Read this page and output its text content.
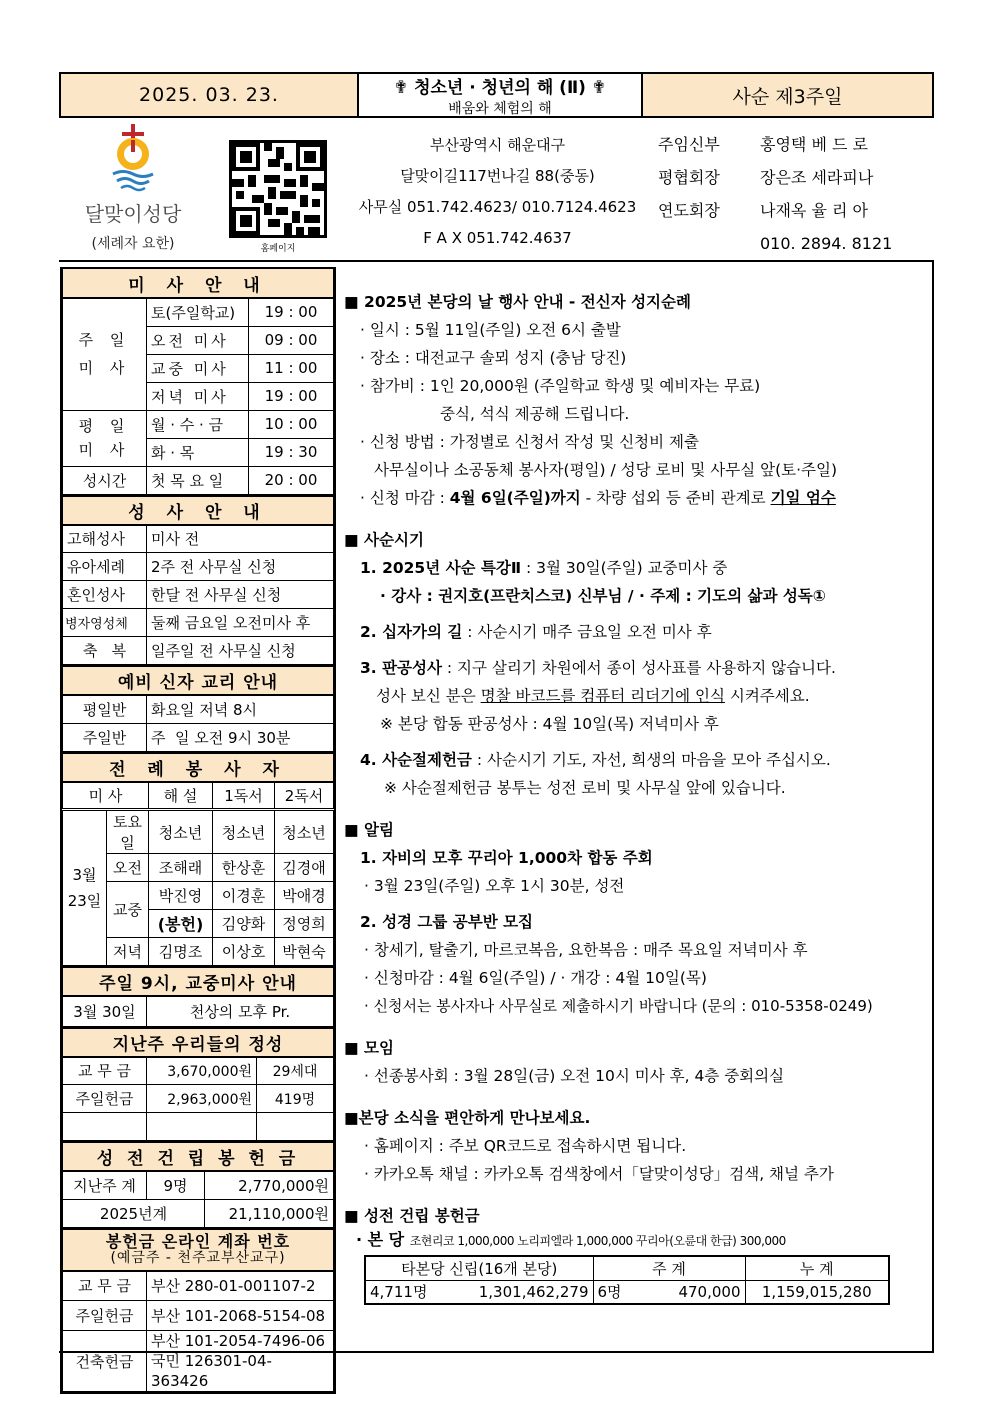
2025. 03. 23.	✟ 청소년 · 청년의 해 (Ⅱ) ✟
배움와 체험의 해
사순 제3주일
달맞이성당
(세례자 요한)	홈페이지
부산광역시 해운대구
달맞이길117번나길 88(중동)
사무실 051.742.4623/ 010.7124.4623
F A X 051.742.4637
주임신부	홍영택 베 드 로
평협회장	장은조 세라피나
연도회장	나재옥 율 리 아
010. 2894. 8121
미 사 안 내		
주 일
미 사	토(주일학교)	19 : 00
	오전 미사	09 : 00
	교중 미사	11 : 00
	저녁 미사	19 : 00
평 일
미 사	월 · 수 · 금	10 : 00
	화 · 목	19 : 30
성시간	첫 목 요 일	20 : 00
성 사 안 내	
고해성사	미사 전
유아세례	2주 전 사무실 신청
혼인성사	한달 전 사무실 신청
병자영성체	둘째 금요일 오전미사 후
축   복	일주일 전 사무실 신청
예비 신자 교리 안내	
평일반	화요일 저녁 8시
주일반	주  일 오전 9시 30분
전 례 봉 사 자				
미 사		해 설	1독서	2독서
3월
23일	토요일	청소년	청소년	청소년
	오전	조해래	한상훈	김경애
	교중	박진영	이경훈	박애경
		(봉헌)	김양화	정영희
	저녁	김명조	이상호	박현숙
주일 9시, 교중미사 안내
3월 30일	천상의 모후 Pr.
지난주 우리들의 정성		
교 무 금	3,670,000원	29세대
주일헌금	2,963,000원	419명

성 전 건 립 봉 헌 금		
지난주 계	9명	2,770,000원
2025년계		21,110,000원
봉헌금 온라인 계좌 번호
(예금주 - 천주교부산교구)	

교 무 금	부산 280-01-001107-2
주일헌금	부산 101-2068-5154-08
건축헌금	부산 101-2054-7496-06
국민 126301-04-363426
■ 2025년 본당의 날 행사 안내 - 전신자 성지순례
· 일시 : 5월 11일(주일) 오전 6시 출발
· 장소 : 대전교구 솔뫼 성지 (충남 당진)
· 참가비 : 1인 20,000원 (주일학교 학생 및 예비자는 무료)
중식, 석식 제공해 드립니다.
· 신청 방법 : 가정별로 신청서 작성 및 신청비 제출
사무실이나 소공동체 봉사자(평일) / 성당 로비 및 사무실 앞(토·주일)
· 신청 마감 : 4월 6일(주일)까지 - 차량 섭외 등 준비 관계로 기일 엄수
■ 사순시기
1. 2025년 사순 특강Ⅱ : 3월 30일(주일) 교중미사 중
· 강사 : 권지호(프란치스코) 신부님 / · 주제 : 기도의 삶과 성독①
2. 십자가의 길 : 사순시기 매주 금요일 오전 미사 후
3. 판공성사 : 지구 살리기 차원에서 종이 성사표를 사용하지 않습니다.
성사 보신 분은 명찰 바코드를 컴퓨터 리더기에 인식 시켜주세요.
※ 본당 합동 판공성사 : 4월 10일(목) 저녁미사 후
4. 사순절제헌금 : 사순시기 기도, 자선, 희생의 마음을 모아 주십시오.
※ 사순절제헌금 봉투는 성전 로비 및 사무실 앞에 있습니다.
■ 알림
1. 자비의 모후 꾸리아 1,000차 합동 주회
· 3월 23일(주일) 오후 1시 30분, 성전
2. 성경 그룹 공부반 모집
· 창세기, 탈출기, 마르코복음, 요한복음 : 매주 목요일 저녁미사 후
· 신청마감 : 4월 6일(주일) / · 개강 : 4월 10일(목)
· 신청서는 봉사자나 사무실로 제출하시기 바랍니다 (문의 : 010-5358-0249)
■ 모임
· 선종봉사회 : 3월 28일(금) 오전 10시 미사 후, 4층 중회의실
■본당 소식을 편안하게 만나보세요.
· 홈페이지 : 주보 QR코드로 접속하시면 됩니다.
· 카카오톡 채널 : 카카오톡 검색창에서「달맞이성당」검색, 채널 추가
■ 성전 건립 봉헌금
· 본 당 조현리코 1,000,000 노리피엘라 1,000,000 꾸리아(오륜대 한급) 300,000
타본당 신립(16개 본당)		주 계		누 계
4,711명	1,301,462,279	6명	470,000	1,159,015,280
